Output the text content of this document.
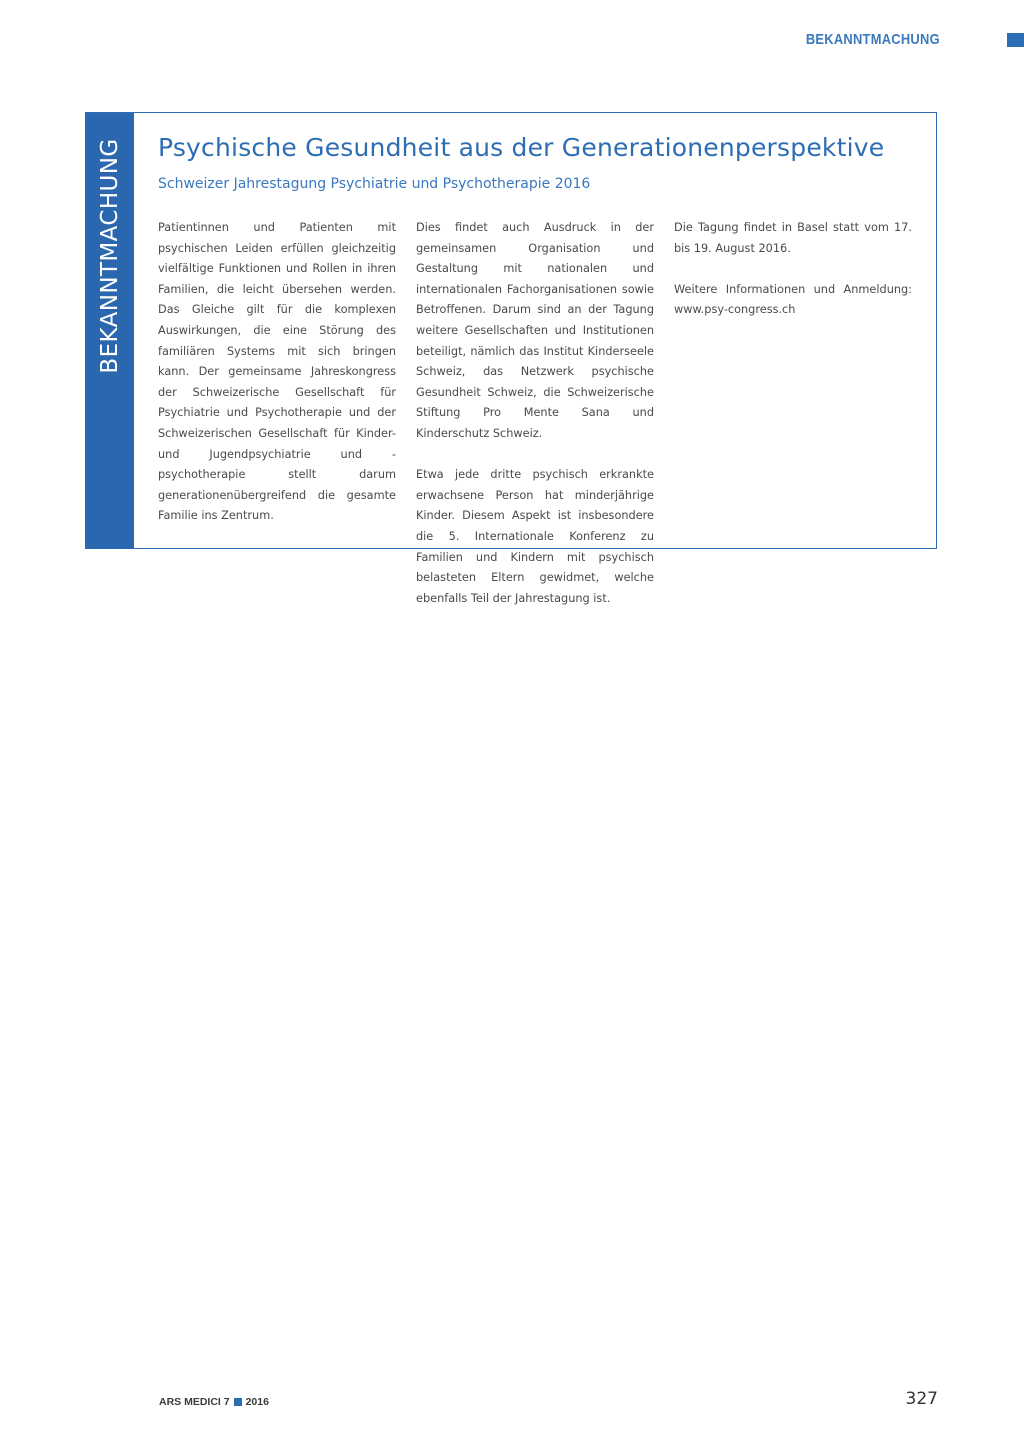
BEKANNTMACHUNG
BEKANNTMACHUNG Psychische Gesundheit aus der Generationenperspektive
Schweizer Jahrestagung Psychiatrie und Psychotherapie 2016

Patientinnen und Patienten mit psychischen Leiden erfüllen gleichzeitig vielfältige Funktionen und Rollen in ihren Familien, die leicht übersehen werden. Das Gleiche gilt für die komplexen Auswirkungen, die eine Störung des familiären Systems mit sich bringen kann. Der gemeinsame Jahreskongress der Schweizerische Gesellschaft für Psychiatrie und Psychotherapie und der Schweizerischen Gesellschaft für Kinder- und Jugendpsychiatrie und -psychotherapie stellt darum generationenübergreifend die gesamte Familie ins Zentrum.

Dies findet auch Ausdruck in der gemeinsamen Organisation und Gestaltung mit nationalen und internationalen Fachorganisationen sowie Betroffenen. Darum sind an der Tagung weitere Gesellschaften und Institutionen beteiligt, nämlich das Institut Kinderseele Schweiz, das Netzwerk psychische Gesundheit Schweiz, die Schweizerische Stiftung Pro Mente Sana und Kinderschutz Schweiz.

Etwa jede dritte psychisch erkrankte erwachsene Person hat minderjährige Kinder. Diesem Aspekt ist insbesondere die 5. Internationale Konferenz zu Familien und Kindern mit psychisch belasteten Eltern gewidmet, welche ebenfalls Teil der Jahrestagung ist.

Die Tagung findet in Basel statt vom 17. bis 19. August 2016.

Weitere Informationen und Anmeldung: www.psy-congress.ch

ARS MEDICI 7 2016	327
